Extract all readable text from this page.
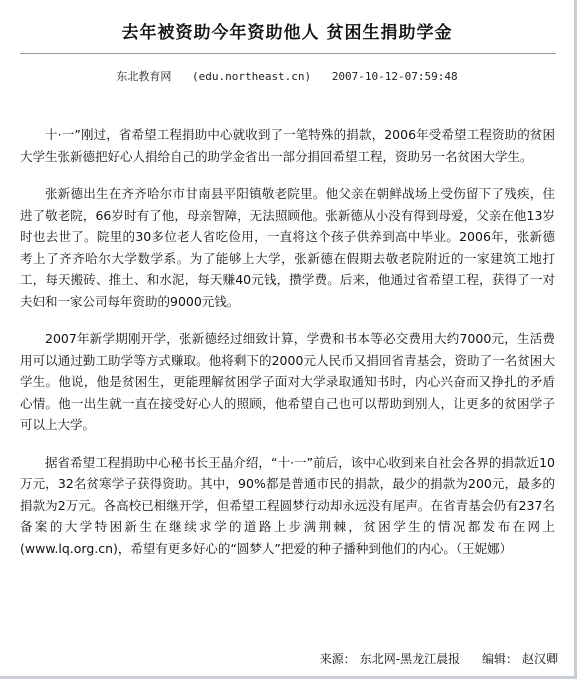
去年被资助今年资助他人 贫困生捐助学金
东北教育网 (edu.northeast.cn) 2007-10-12-07:59:48

十·一”刚过，省希望工程捐助中心就收到了一笔特殊的捐款，2006年受希望工程资助的贫困大学生张新德把好心人捐给自己的助学金省出一部分捐回希望工程，资助另一名贫困大学生。

张新德出生在齐齐哈尔市甘南县平阳镇敬老院里。他父亲在朝鲜战场上受伤留下了残疾，住进了敬老院，66岁时有了他，母亲智障，无法照顾他。张新德从小没有得到母爱，父亲在他13岁时也去世了。院里的30多位老人省吃俭用，一直将这个孩子供养到高中毕业。2006年，张新德考上了齐齐哈尔大学数学系。为了能够上大学，张新德在假期去敬老院附近的一家建筑工地打工，每天搬砖、推土、和水泥，每天赚40元钱，攒学费。后来，他通过省希望工程，获得了一对夫妇和一家公司每年资助的9000元钱。

2007年新学期刚开学，张新德经过细致计算，学费和书本等必交费用大约7000元，生活费用可以通过勤工助学等方式赚取。他将剩下的2000元人民币又捐回省青基会，资助了一名贫困大学生。他说，他是贫困生，更能理解贫困学子面对大学录取通知书时，内心兴奋而又挣扎的矛盾心情。他一出生就一直在接受好心人的照顾，他希望自己也可以帮助到别人，让更多的贫困学子可以上大学。

据省希望工程捐助中心秘书长王晶介绍，“十·一”前后，该中心收到来自社会各界的捐款近10万元，32名贫寒学子获得资助。其中，90%都是普通市民的捐款，最少的捐款为200元，最多的捐款为2万元。各高校已相继开学，但希望工程圆梦行动却永远没有尾声。在省青基会仍有237名备案的大学特困新生在继续求学的道路上步满荆棘，贫困学生的情况都发布在网上(www.lq.org.cn)，希望有更多好心的“圆梦人”把爱的种子播种到他们的内心。（王妮娜）

来源： 东北网-黑龙江晨报 编辑： 赵汉卿
